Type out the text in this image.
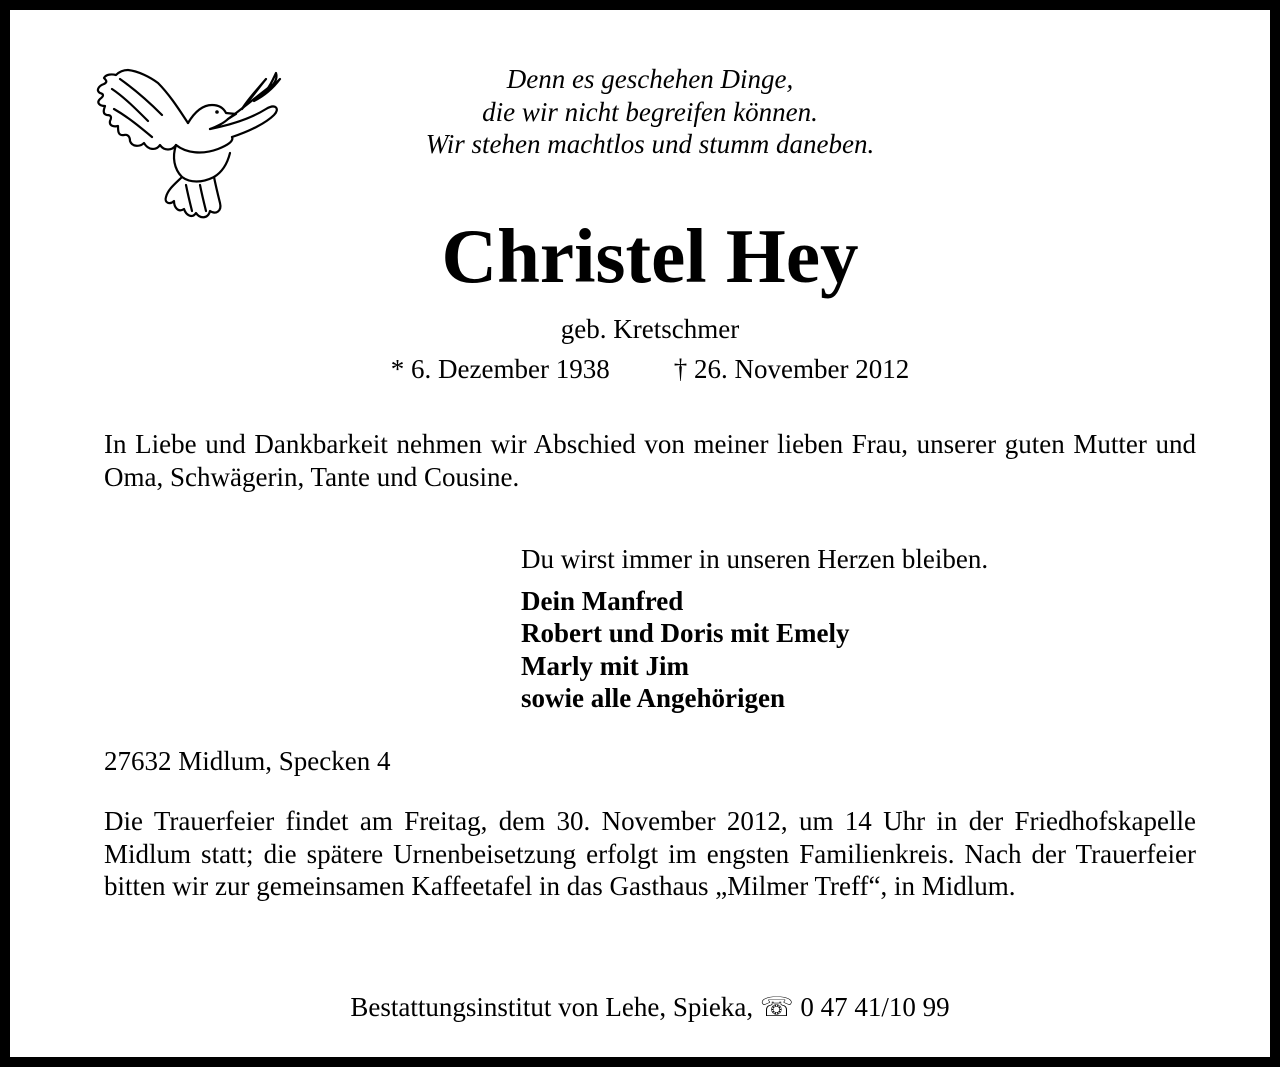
Denn es geschehen Dinge,
die wir nicht begreifen können.
Wir stehen machtlos und stumm daneben.
Christel Hey
geb. Kretschmer
* 6. Dezember 1938 † 26. November 2012
In Liebe und Dankbarkeit nehmen wir Abschied von meiner lieben Frau, unserer guten Mutter und Oma, Schwägerin, Tante und Cousine.
Du wirst immer in unseren Herzen bleiben.
Dein Manfred
Robert und Doris mit Emely
Marly mit Jim
sowie alle Angehörigen
27632 Midlum, Specken 4
Die Trauerfeier findet am Freitag, dem 30. November 2012, um 14 Uhr in der Friedhofskapelle Midlum statt; die spätere Urnenbeisetzung erfolgt im engsten Familienkreis. Nach der Trauerfeier bitten wir zur gemeinsamen Kaffeetafel in das Gasthaus „Milmer Treff“, in Midlum.
Bestattungsinstitut von Lehe, Spieka, ☏ 0 47 41/10 99
